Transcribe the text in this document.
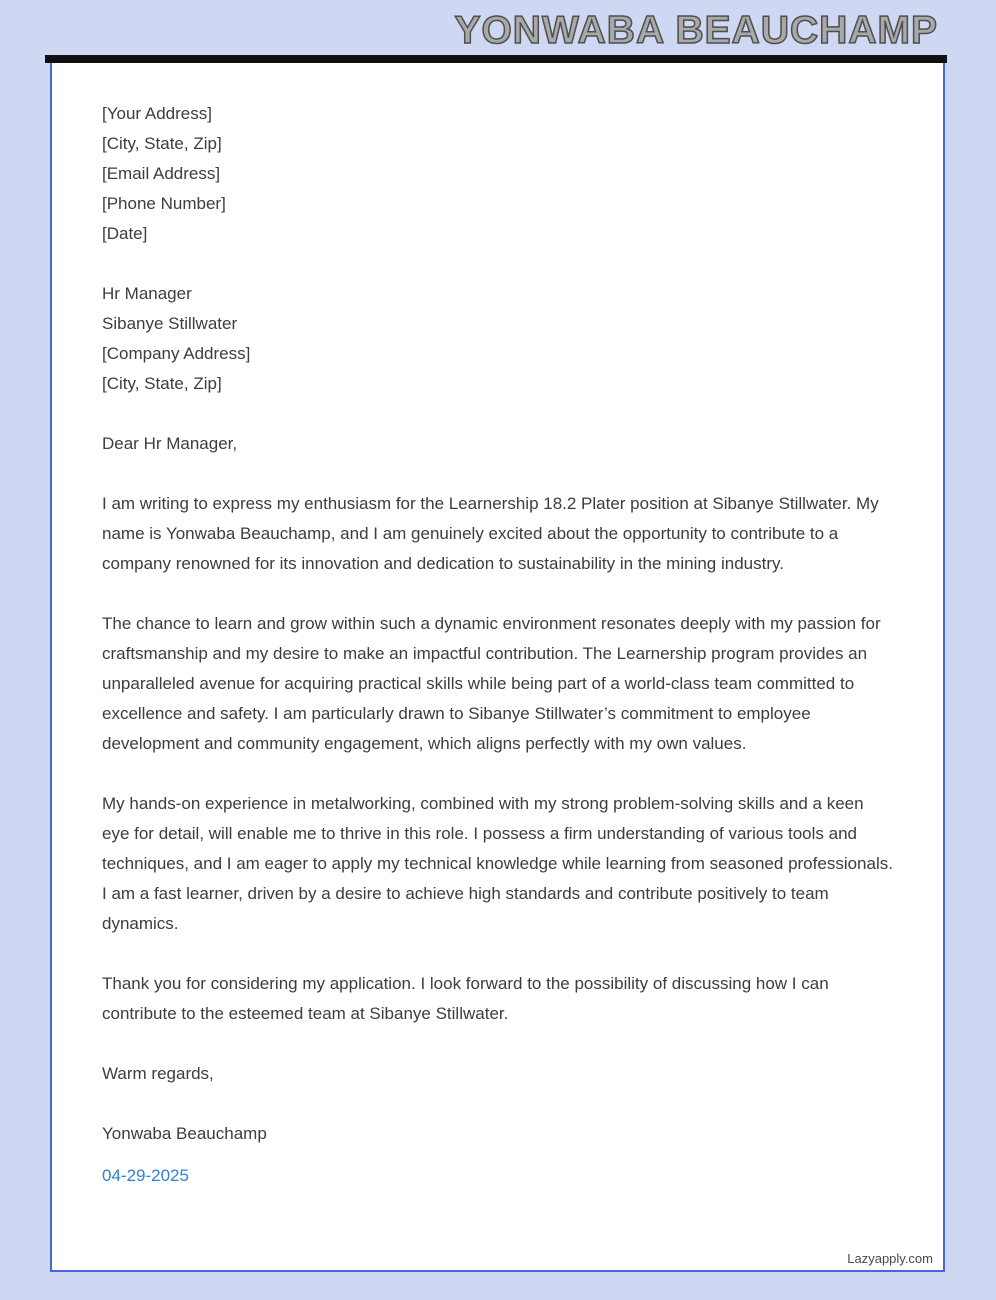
YONWABA BEAUCHAMP
[Your Address]
[City, State, Zip]
[Email Address]
[Phone Number]
[Date]
Hr Manager
Sibanye Stillwater
[Company Address]
[City, State, Zip]
Dear Hr Manager,

I am writing to express my enthusiasm for the Learnership 18.2 Plater position at Sibanye Stillwater. My name is Yonwaba Beauchamp, and I am genuinely excited about the opportunity to contribute to a company renowned for its innovation and dedication to sustainability in the mining industry.

The chance to learn and grow within such a dynamic environment resonates deeply with my passion for craftsmanship and my desire to make an impactful contribution. The Learnership program provides an unparalleled avenue for acquiring practical skills while being part of a world-class team committed to excellence and safety. I am particularly drawn to Sibanye Stillwater’s commitment to employee development and community engagement, which aligns perfectly with my own values.

My hands-on experience in metalworking, combined with my strong problem-solving skills and a keen eye for detail, will enable me to thrive in this role. I possess a firm understanding of various tools and techniques, and I am eager to apply my technical knowledge while learning from seasoned professionals. I am a fast learner, driven by a desire to achieve high standards and contribute positively to team dynamics.

Thank you for considering my application. I look forward to the possibility of discussing how I can contribute to the esteemed team at Sibanye Stillwater.

Warm regards,
Yonwaba Beauchamp
04-29-2025
Lazyapply.com
